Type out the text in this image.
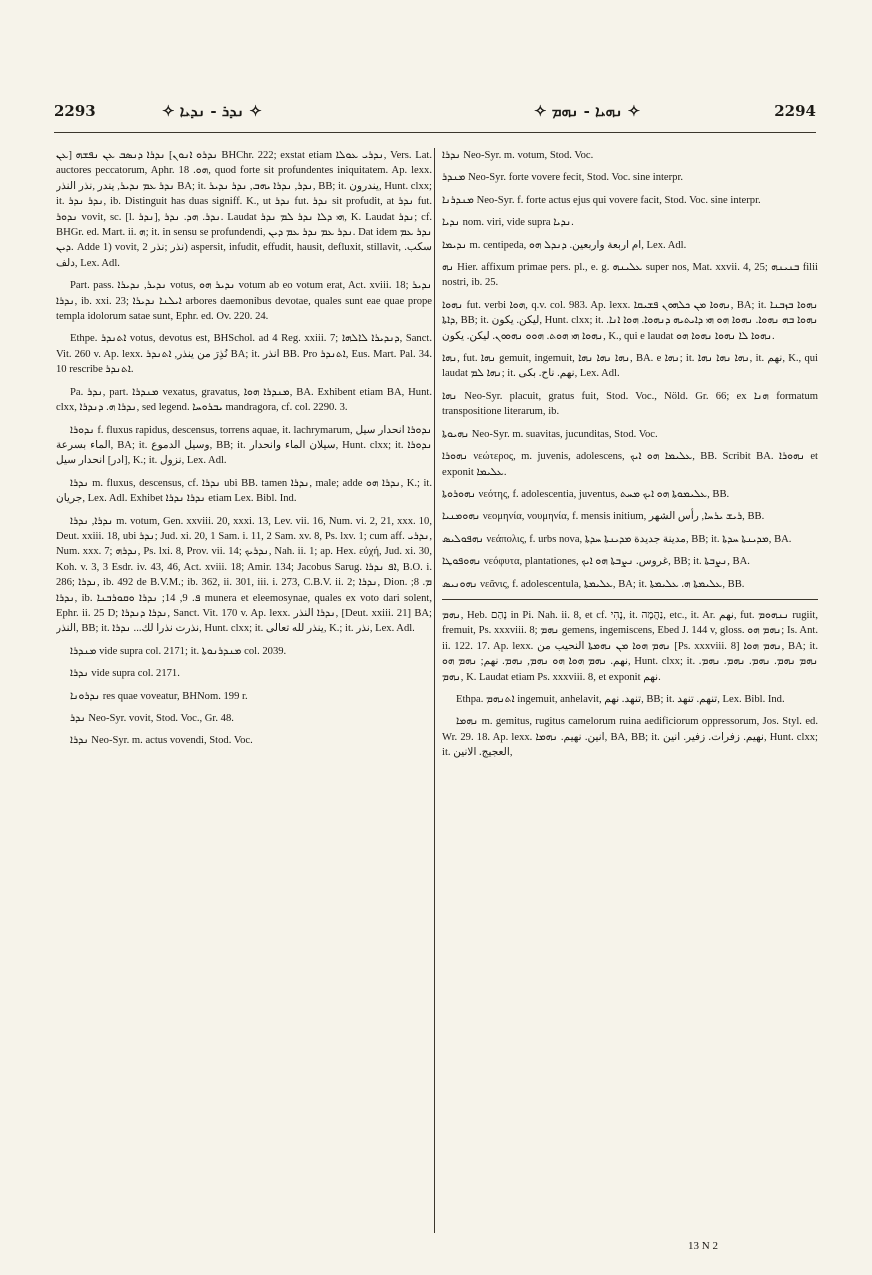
2293	✧ ܢܕܪ - ܢܕܝܐ ✧	✧ ܢܗܝܐ - ܢܗܡ ✧	2294

ܢܕܪܘ ܐܢܘܢ] ܢܕܪܐ ܕܢܣܒ ܥܢ ܢܦܫܗ [ܥܢ BHChr. 222; exstat etiam ܢܕܪܝ ܥܘܠܐ, Vers. Lat. auctores peccatorum, Aphr. ܗܘ. 18, quod forte sit profundentes iniquitatem. Ap. lexx. ܢܕܪ ܥܡ ܢܕܝܪ, يندر ,نذر النذر BA; it. ܢܕܪ, ܢܕܪܐ ܝܗܒ, ܢܕܪ ܢܕܝܪ, BB; it. يندرون, Hunt. clxx; it. ܢܕܪ ܢܕܪ, ib. Distinguit has duas signiff. K., ut ܢܕܪ fut. ܢܕܪ sit profudit, at ܢܕܪ fut. ܢܕܘܪ vovit, sc. [l. ܢܕܪ], ܢܕܪ. ܗܕ. ܢܕܪ. Laudat ܗܝ ܕܠܐ ܢܕܪ ܠܡ ܢܕܪ, K. Laudat ܢܕܪ; cf. BHGr. ed. Mart. ii. ܗ; it. in sensu se profundendi, ܢܕܪ ܥܡ ܢܕܪ ܥܡ ܕܝܢ. Dat idem ܢܕܪ ܥܡ ܕܝܢ. Adde 1) vovit, نذر ;نذر 2) aspersit, infudit, effudit, hausit, defluxit, stillavit, سكب. دلف, Lex. Adl.

Part. pass. ܢܕܝܪ, ܢܕܝܪܐ votus, ܢܕܝܪ ܗܘ votum ab eo votum erat, Act. xviii. 18; ܢܕܝܪ ܢܕܪܐ, ib. xxi. 23; ܐܝܠܢܐ ܢܕܝܪܐ arbores daemonibus devotae, quales sunt eae quae prope templa idolorum satae sunt, Ephr. ed. Ov. 220. 24.

Ethpe. ܐܬܢܕܪ votus, devotus est, BHSchol. ad 4 Reg. xxiii. 7; ܕܢܕܝܪܐ ܠܐܠܗܐ, Sanct. Vit. 260 v. Ap. lexx. نُذِرَ من ينذر, ܐܬܢܕܪ BA; it. انذر BB. Pro ܐܬܢܕܪ, Eus. Mart. Pal. 34. 10 rescribe ܐܬܢܕܪ.

Pa. ܢܕܪ, part. ܡܢܕܪܐ vexatus, gravatus, ܡܢܕܪܐ ܗܘܐ, BA. Exhibent etiam BA, Hunt. clxx, ܢܕܪܐ ܗ. ܕܢܕܪܐ, sed legend. ܝܒܪܘܚܐ mandragora, cf. col. 2290. 3.

ܢܕܘܪܐ f. fluxus rapidus, descensus, torrens aquae, it. lachrymarum, ܢܕܘܪܐ انحدار سيل الماء بسرعة, BA; it. وسيل الدموع, BB; it. سيلان الماء وانحدار, Hunt. clxx; it. ܢܕܘܪܐ [ادر] انحدار سيل, K.; it. نزول, Lex. Adl.

ܢܕܪܐ m. fluxus, descensus, cf. ܢܕܪܐ ubi BB. tamen ܢܕܪܐ, male; adde ܢܕܪܐ ܗܘ, K.; it. جريان, Lex. Adl. Exhibet ܢܕܪܐ ܢܕܪܐ etiam Lex. Bibl. Ind.

ܢܕܪܐ, ܢܕܪܐ m. votum, Gen. xxviii. 20, xxxi. 13, Lev. vii. 16, Num. vi. 2, 21, xxx. 10, Deut. xxiii. 18, ubi ܢܕܪ; Jud. xi. 20, 1 Sam. i. 11, 2 Sam. xv. 8, Ps. lxv. 1; cum aff. ܢܕܪܝ, Num. xxx. 7; ܢܕܪܗ, Ps. lxi. 8, Prov. vii. 14; ܢܕܪܝܟ, Nah. ii. 1; ap. Hex. εὐχή, Jud. xi. 30, Koh. v. 3, 3 Esdr. iv. 43, 46, Act. xviii. 18; Amir. 134; Jacobus Sarug. ܐܦ ܢܕܪܐ, B.O. i. 286; ܢܕܪܐ, ib. 492 de B.V.M.; ib. 362, ii. 301, iii. i. 273, C.B.V. ii. 2; ܢܕܪܐ, Dion. ܡ. 8; ܢܕܪܐ, ib. ܦ. 9, 14; ܢܕܪܐ ܘܩܘܪܒܢܐ munera et eleemosynae, quales ex voto dari solent, Ephr. ii. 25 D; ܢܕܪܐ ܕܢܕܪܐ, Sanct. Vit. 170 v. Ap. lexx. ܢܕܪܐ النذر, [Deut. xxiii. 21] BA; النذر, BB; it. نذرت نذرا لك... ܢܕܪܐ, Hunt. clxx; it. ينذر لله تعالى, K.; it. نذر, Lex. Adl.

ܡܢܕܪܐ vide supra col. 2171; it. ܡܢܕܪܢܘܬܐ col. 2039.

ܢܕܪܐ vide supra col. 2171.

ܢܕܪܘܢܐ res quae voveatur, BHNom. 199 r.

ܢܕܪ Neo-Syr. vovit, Stod. Voc., Gr. 48.

ܢܕܪܐ Neo-Syr. m. actus vovendi, Stod. Voc.

ܢܕܪܐ Neo-Syr. m. votum, Stod. Voc.

ܡܢܕܪ Neo-Syr. forte vovere fecit, Stod. Voc. sine interpr.

ܡܢܕܪܢܐ Neo-Syr. f. forte actus ejus qui vovere facit, Stod. Voc. sine interpr.

ܢܕܝܐ nom. viri, vide supra ܢܕܝܐ.

ܢܕܝܡܐ m. centipeda, ام اربعة واربعين. ܕܢܕܠ ܗܘ, Lex. Adl.

ܢܗ Hier. affixum primae pers. pl., e. g. ܥܠܝܢܗ super nos, Mat. xxvii. 4, 25; ܒܢܝܢܗ filii nostri, ib. 25.

ܢܗܘܐ fut. verbi ܗܘܐ, q.v. col. 983. Ap. lexx. ܢܗܘܐ ܡܢ ܟܠܗܘܢ ܦܫܝܩܐ, BA; it. ܢܗܘܐ ܒܙܒܢܐ ܕܐܬܐ, BB; it. ليكن. يكون, Hunt. clxx; it. ܢܗܘܐ ܒܗ ܢܗܘܐ. ܢܗܘܐ ܗܘ ܗܝ ܕܐܝܬܝܗ ܕܢܗܘܐ. ܗܘܐ ܐܢܐ. ܢܗܘܐ ܗܝ ܗܘܬ. ܗܘܘ ܢܗܘܘܢ. ليكن. يكون, K., qui e laudat ܢܗܘܐ ܠܐ ܢܗܘܐ ܢܗܘܐ ܗܘ.

ܢܗܐ, fut. ܢܗܐ gemuit, ingemuit, ܢܗܐ ܢܗܐ ܢܗܐ, BA. e ܢܗܐ; it. ܢܗܐ ܢܗܐ ܢܗܐ, it. نهم, K., qui laudat ܢܗܐ ܠܡ; it. نهم. ناح. بكى, Lex. Adl.

ܢܗܐ Neo-Syr. placuit, gratus fuit, Stod. Voc., Nöld. Gr. 66; ex ܗܢܐ formatum transpositione literarum, ib.

ܢܗܝܘܬܐ Neo-Syr. m. suavitas, jucunditas, Stod. Voc.

ܢܗܘܪܐ νεώτερος, m. juvenis, adolescens, ܥܠܝܡܐ ܗܘ ܐܝܟ, BB. Scribit BA. ܢܗܘܪܐ et exponit ܥܠܝܡܐ.

ܢܗܘܪܘܬܐ νεότης, f. adolescentia, juventus, ܥܠܝܡܘܬܐ ܗܘ ܐܝܟ ܡܚܬ, BB.

ܢܗܘܡܢܝܐ νεομηνία, νουμηνία, f. mensis initium, ܪܝܫ ܝܪܚܐ, رأس الشهر, BB.

ܢܗܦܘܠܝܣ νεάπολις, f. urbs nova, مدينة جديدة ܡܕܝܢܬܐ ܚܕܬܐ, BB; it. ܡܕܝܢܬܐ ܚܕܬܐ, BA.

ܢܗܘܦܘܛܐ νεόφυτα, plantationes, غروس. ܢܨܒܬܐ ܗܘ ܐܝܟ, BB; it. ܢܨܒܬܐ, BA.

ܢܗܘܢܝܣ νεᾶνις, f. adolescentula, ܥܠܝܡܬܐ, BA; it. ܥܠܝܡܬܐ ܗ. ܥܠܝܡܬܐ, BB.

ܢܗܡ, Heb. נָהַם in Pi. Nah. ii. 8, et cf. נֶהִי, it. נַהֲמָה, etc., it. Ar. نهم, fut. ܢܢܗܘܡ rugiit, fremuit, Ps. xxxviii. 8; ܢܗܡ gemens, ingemiscens, Ebed J. 144 v, gloss. ܢܗܡ ܗܘ; Is. Ant. ii. 122. 17. Ap. lexx. ܢܗܡ ܗܘܐ ܡܢ ܢܗܡܬܐ النحيب من [Ps. xxxviii. 8] ܢܗܡ ܗܘܐ, BA; it. نهم. ܢܗܡ ܗܘܐ ܗܘ ܢܗܡ, ܢܗܡ. نهم; ܢܗܡ ܗܘ, Hunt. clxx; it. ܢܗܡ ܢܗܡ. ܢܗܡ. ܢܗܡ. ܢܗܡ. ܢܗܡ, K. Laudat etiam Ps. xxxviii. 8, et exponit نهم.

Ethpa. ܐܬܢܗܡ ingemuit, anhelavit, تنهد. نهم, BB; it. تنهم. تنهد, Lex. Bibl. Ind.

ܢܗܡܐ m. gemitus, rugitus camelorum ruina aedificiorum oppressorum, Jos. Styl. ed. Wr. 29. 18. Ap. lexx. انين. نهيم. ܢܗܡܐ, BA, BB; it. نهيم. زفرات. زفير. انين, Hunt. clxx; it. العجيج. الانين,

13 N 2
